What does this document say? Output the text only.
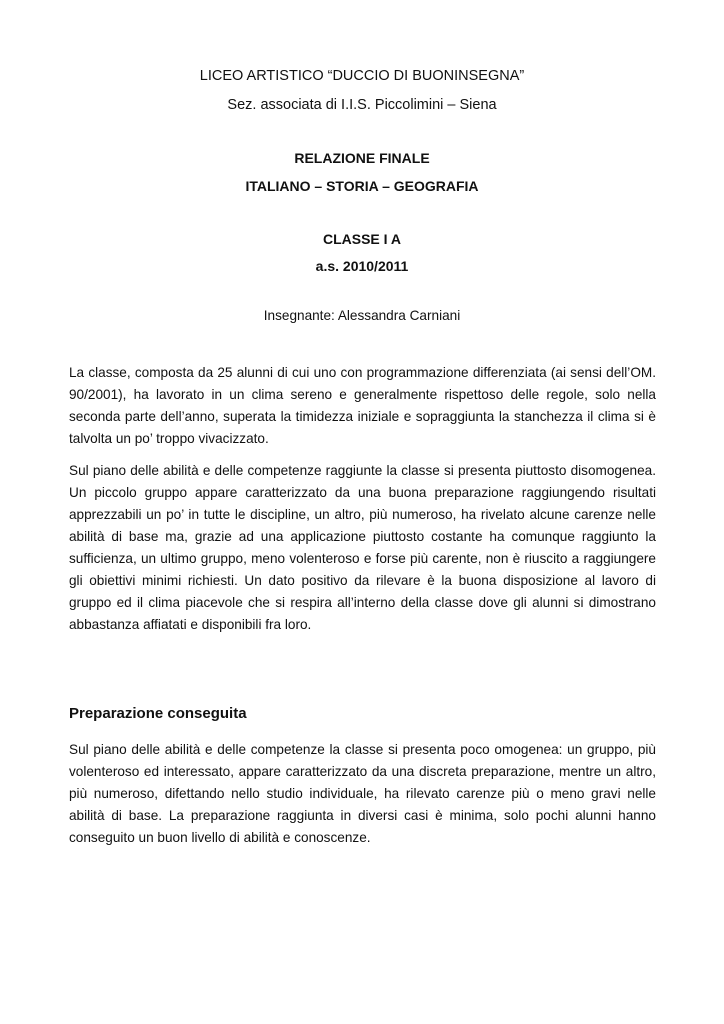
LICEO ARTISTICO “DUCCIO DI BUONINSEGNA”
Sez. associata di I.I.S. Piccolimini – Siena
RELAZIONE FINALE
ITALIANO – STORIA – GEOGRAFIA
CLASSE I A
a.s. 2010/2011
Insegnante: Alessandra Carniani

La classe, composta da 25 alunni di cui uno con programmazione differenziata (ai sensi dell’OM. 90/2001), ha lavorato in un clima sereno e generalmente rispettoso delle regole, solo nella seconda parte dell’anno, superata la timidezza iniziale e sopraggiunta la stanchezza il clima si è talvolta un po’ troppo vivacizzato.

Sul piano delle abilità e delle competenze raggiunte la classe si presenta piuttosto disomogenea. Un piccolo gruppo appare caratterizzato da una buona preparazione raggiungendo risultati apprezzabili un po’ in tutte le discipline, un altro, più numeroso, ha rivelato alcune carenze nelle abilità di base ma, grazie ad una applicazione piuttosto costante ha comunque raggiunto la sufficienza, un ultimo gruppo, meno volenteroso e forse più carente, non è riuscito a raggiungere gli obiettivi minimi richiesti. Un dato positivo da rilevare è la buona disposizione al lavoro di gruppo ed il clima piacevole che si respira all’interno della classe dove gli alunni si dimostrano abbastanza affiatati e disponibili fra loro.

Preparazione conseguita

Sul piano delle abilità e delle competenze la classe si presenta poco omogenea: un gruppo, più volenteroso ed interessato, appare caratterizzato da una discreta preparazione, mentre un altro, più numeroso, difettando nello studio individuale, ha rilevato carenze più o meno gravi nelle abilità di base. La preparazione raggiunta in diversi casi è minima, solo pochi alunni hanno conseguito un buon livello di abilità e conoscenze.
